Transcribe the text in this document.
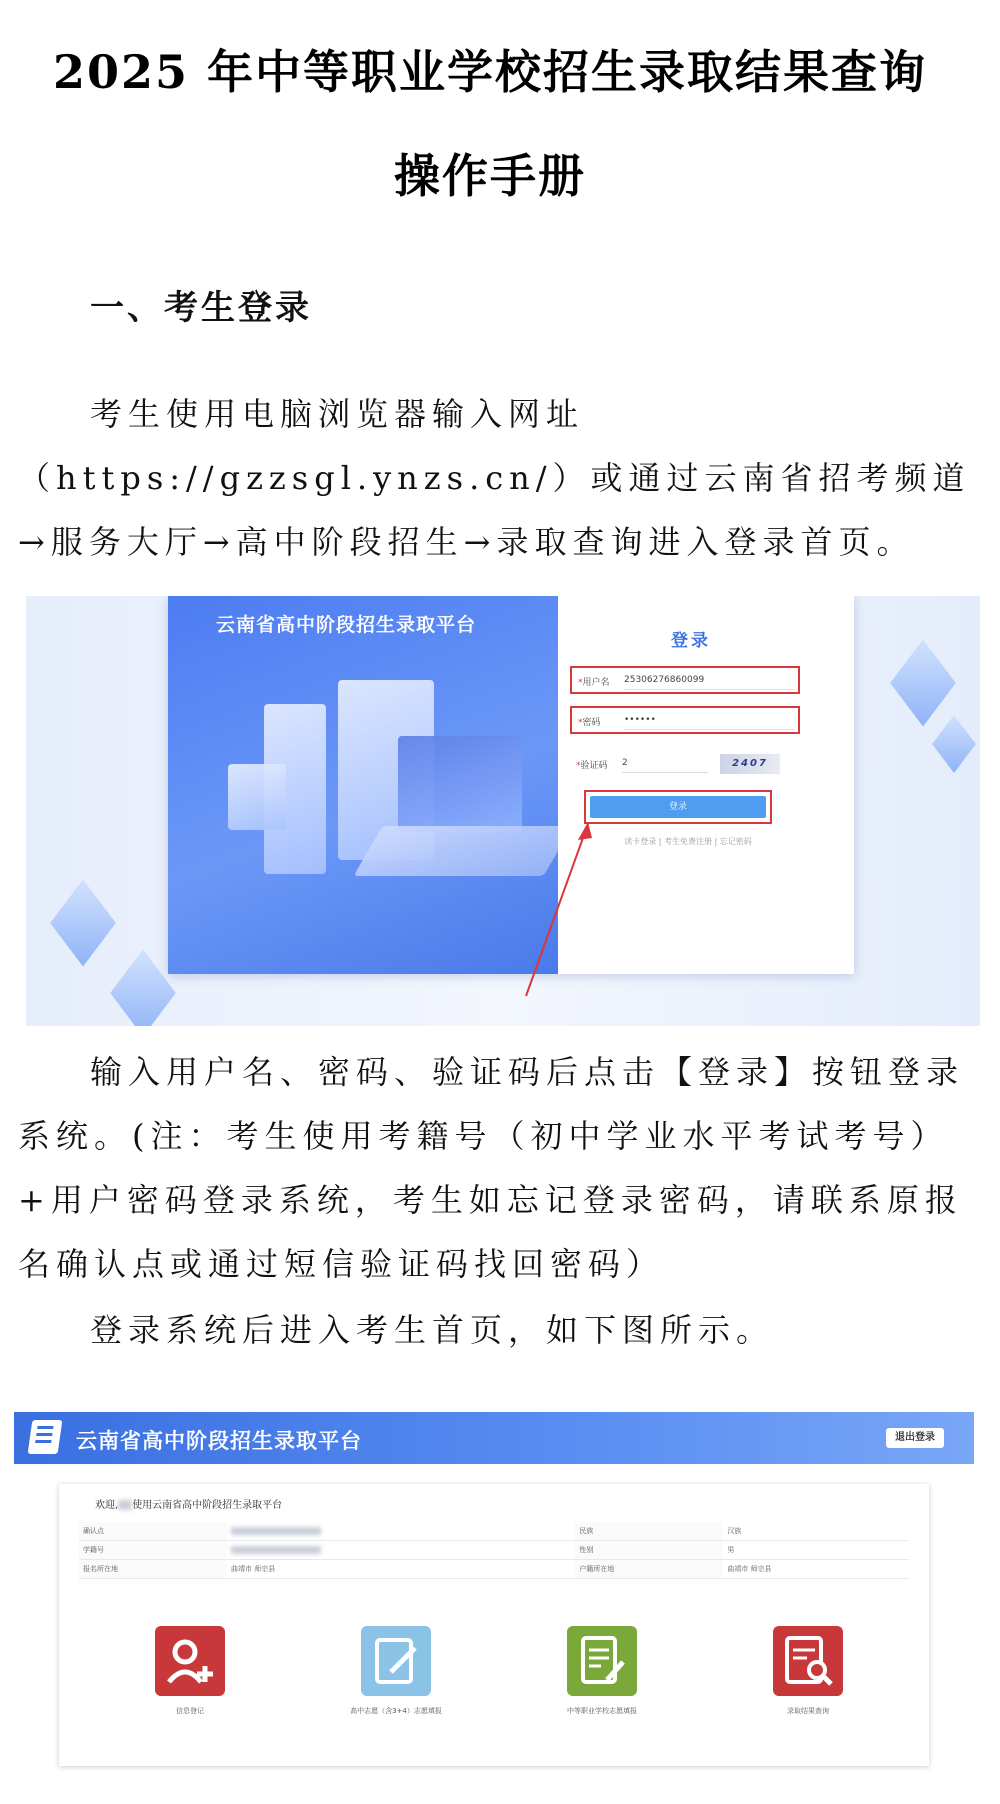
2025 年中等职业学校招生录取结果查询
操作手册
一、考生登录

考生使用电脑浏览器输入网址（https://gzzsgl.ynzs.cn/）或通过云南省招考频道→服务大厅→高中阶段招生→录取查询进入登录首页。

云南省高中阶段招生录取平台
登录
*用户名 25306276860099
*密码	••••••
*验证码 2	2407
登录
读卡登录 | 考生免费注册 | 忘记密码

输入用户名、密码、验证码后点击【登录】按钮登录系统。(注：考生使用考籍号（初中学业水平考试考号）+用户密码登录系统，考生如忘记登录密码，请联系原报名确认点或通过短信验证码找回密码）

登录系统后进入考生首页，如下图所示。

云南省高中阶段招生录取平台	退出登录
欢迎, 使用云南省高中阶段招生录取平台
确认点		民族	汉族
学籍号		性别	男
报名所在地	曲靖市 师宗县	户籍所在地	曲靖市 师宗县
信息登记	高中志愿（含3+4）志愿填报	中等职业学校志愿填报	录取结果查询
